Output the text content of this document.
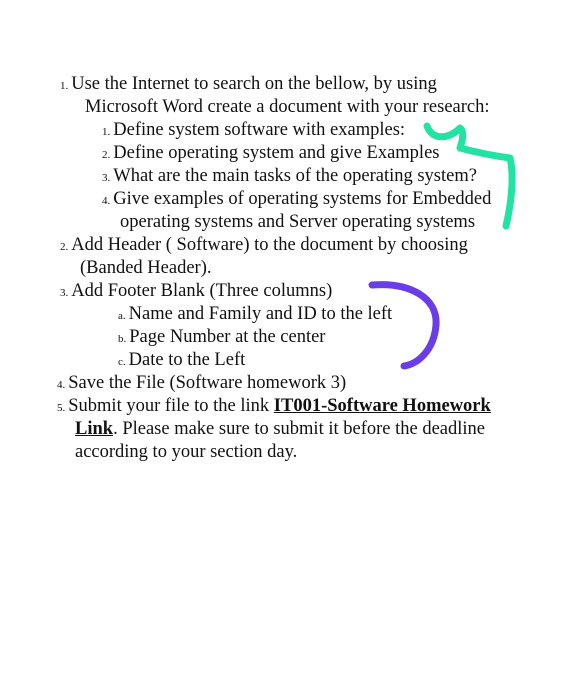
1. Use the Internet to search on the bellow, by using
Microsoft Word create a document with your research:
1. Define system software with examples:
2. Define operating system and give Examples
3. What are the main tasks of the operating system?
4. Give examples of operating systems for Embedded
operating systems and Server operating systems
2. Add Header ( Software) to the document by choosing
(Banded Header).
3. Add Footer Blank (Three columns)
a. Name and Family and ID to the left
b. Page Number at the center
c. Date to the Left
4. Save the File (Software homework 3)
5. Submit your file to the link IT001-Software Homework
Link. Please make sure to submit it before the deadline
according to your section day.
